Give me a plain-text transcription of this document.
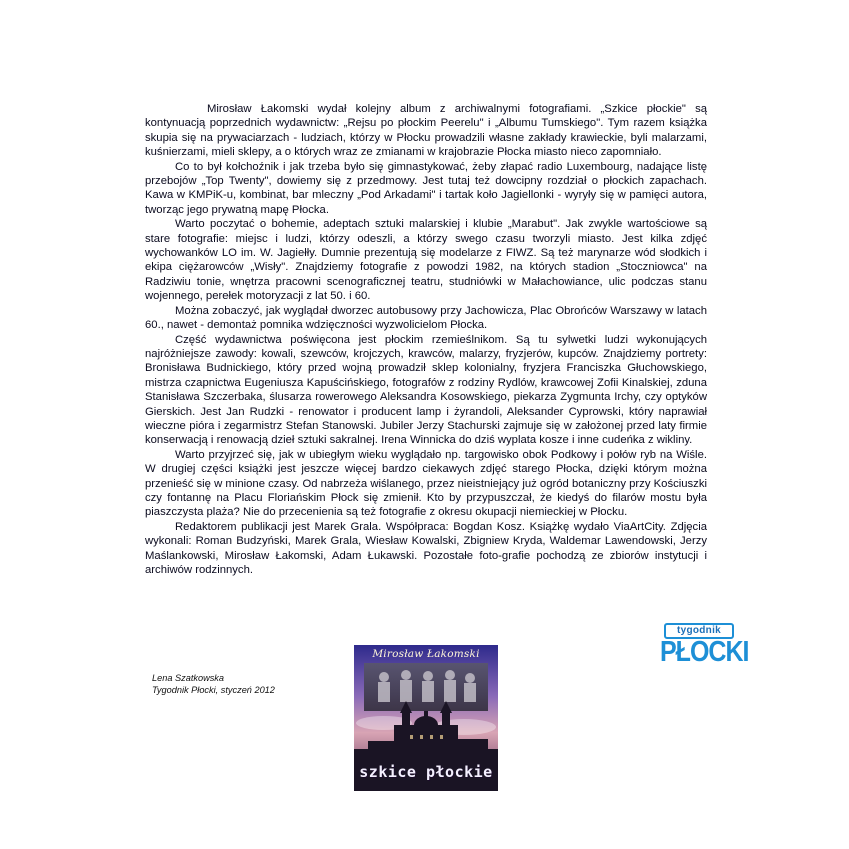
Mirosław Łakomski wydał kolejny album z archiwalnymi fotografiami. „Szkice płockie" są kontynuacją poprzednich wydawnictw: „Rejsu po płockim Peerelu" i „Albumu Tumskiego". Tym razem książka skupia się na prywaciarzach - ludziach, którzy w Płocku prowadzili własne zakłady krawieckie, byli malarzami, kuśnierzami, mieli sklepy, a o których wraz ze zmianami w krajobrazie Płocka miasto nieco zapomniało.

Co to był kołchoźnik i jak trzeba było się gimnastykować, żeby złapać radio Luxembourg, nadające listę przebojów „Top Twenty", dowiemy się z przedmowy. Jest tutaj też dowcipny rozdział o płockich zapachach. Kawa w KMPiK-u, kombinat, bar mleczny „Pod Arkadami" i tartak koło Jagiellonki - wyryły się w pamięci autora, tworząc jego prywatną mapę Płocka.

Warto poczytać o bohemie, adeptach sztuki malarskiej i klubie „Marabut". Jak zwykle wartościowe są stare fotografie: miejsc i ludzi, którzy odeszli, a którzy swego czasu tworzyli miasto. Jest kilka zdjęć wychowanków LO im. W. Jagiełły. Dumnie prezentują się modelarze z FIWZ. Są też marynarze wód słodkich i ekipa ciężarowców „Wisły". Znajdziemy fotografie z powodzi 1982, na których stadion „Stoczniowca" na Radziwiu tonie, wnętrza pracowni scenograficznej teatru, studniówki w Małachowiance, ulic podczas stanu wojennego, perełek motoryzacji z lat 50. i 60.

Można zobaczyć, jak wyglądał dworzec autobusowy przy Jachowicza, Plac Obrońców Warszawy w latach 60., nawet - demontaż pomnika wdzięczności wyzwolicielom Płocka.

Część wydawnictwa poświęcona jest płockim rzemieślnikom. Są tu sylwetki ludzi wykonujących najróżniejsze zawody: kowali, szewców, krojczych, krawców, malarzy, fryzjerów, kupców. Znajdziemy portrety: Bronisława Budnickiego, który przed wojną prowadził sklep kolonialny, fryzjera Franciszka Głuchowskiego, mistrza czapnictwa Eugeniusza Kapuścińskiego, fotografów z rodziny Rydlów, krawcowej Zofii Kinalskiej, zduna Stanisława Szczerbaka, ślusarza rowerowego Aleksandra Kosowskiego, piekarza Zygmunta Irchy, czy optyków Gierskich. Jest Jan Rudzki - renowator i producent lamp i żyrandoli, Aleksander Cyprowski, który naprawiał wieczne pióra i zegarmistrz Stefan Stanowski. Jubiler Jerzy Stachurski zajmuje się w założonej przed laty firmie konserwacją i renowacją dzieł sztuki sakralnej. Irena Winnicka do dziś wyplata kosze i inne cudeńka z wikliny.

Warto przyjrzeć się, jak w ubiegłym wieku wyglądało np. targowisko obok Podkowy i połów ryb na Wiśle. W drugiej części książki jest jeszcze więcej bardzo ciekawych zdjęć starego Płocka, dzięki którym można przenieść się w minione czasy. Od nabrzeża wiślanego, przez nieistniejący już ogród botaniczny przy Kościuszki czy fontannę na Placu Floriańskim Płock się zmienił. Kto by przypuszczał, że kiedyś do filarów mostu była piaszczysta plaża? Nie do przecenienia są też fotografie z okresu okupacji niemieckiej w Płocku.

Redaktorem publikacji jest Marek Grala. Współpraca: Bogdan Kosz. Książkę wydało ViaArtCity. Zdjęcia wykonali: Roman Budzyński, Marek Grala, Wiesław Kowalski, Zbigniew Kryda, Waldemar Lawendowski, Jerzy Maślankowski, Mirosław Łakomski, Adam Łukawski. Pozostałe foto-grafie pochodzą ze zbiorów instytucji i archiwów rodzinnych.

tygodnik
PŁOCKI
Lena Szatkowska
Tygodnik Płocki, styczeń 2012
Mirosław Łakomski
szkice płockie
